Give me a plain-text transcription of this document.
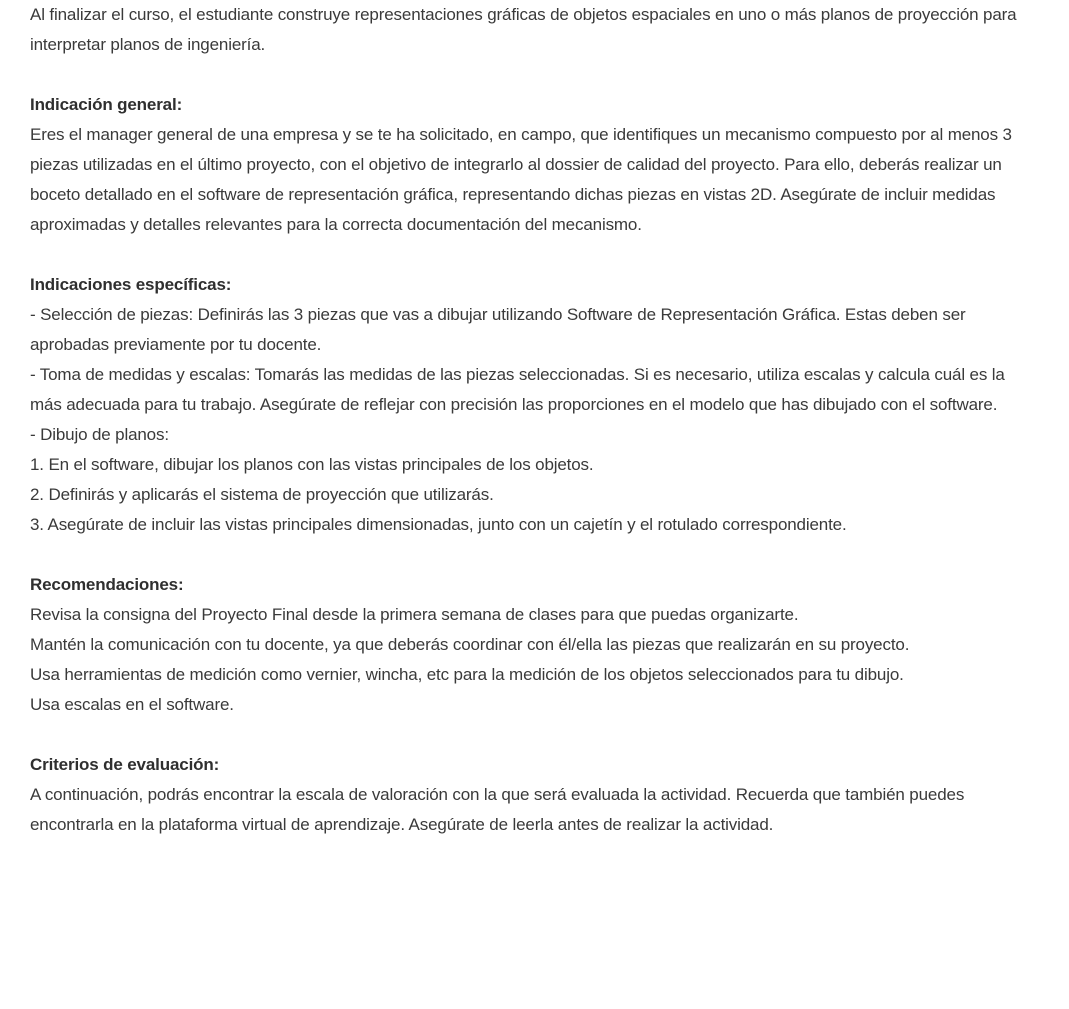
Al finalizar el curso, el estudiante construye representaciones gráficas de objetos espaciales en uno o más planos de proyección para interpretar planos de ingeniería.

Indicación general:

Eres el manager general de una empresa y se te ha solicitado, en campo, que identifiques un mecanismo compuesto por al menos 3 piezas utilizadas en el último proyecto, con el objetivo de integrarlo al dossier de calidad del proyecto. Para ello, deberás realizar un boceto detallado en el software de representación gráfica, representando dichas piezas en vistas 2D. Asegúrate de incluir medidas aproximadas y detalles relevantes para la correcta documentación del mecanismo.

Indicaciones específicas:

- Selección de piezas: Definirás las 3 piezas que vas a dibujar utilizando Software de Representación Gráfica. Estas deben ser aprobadas previamente por tu docente.
- Toma de medidas y escalas: Tomarás las medidas de las piezas seleccionadas. Si es necesario, utiliza escalas y calcula cuál es la más adecuada para tu trabajo. Asegúrate de reflejar con precisión las proporciones en el modelo que has dibujado con el software.
- Dibujo de planos:
1. En el software, dibujar los planos con las vistas principales de los objetos.
2. Definirás y aplicarás el sistema de proyección que utilizarás.
3. Asegúrate de incluir las vistas principales dimensionadas, junto con un cajetín y el rotulado correspondiente.

Recomendaciones:

Revisa la consigna del Proyecto Final desde la primera semana de clases para que puedas organizarte.
Mantén la comunicación con tu docente, ya que deberás coordinar con él/ella las piezas que realizarán en su proyecto.
Usa herramientas de medición como vernier, wincha, etc para la medición de los objetos seleccionados para tu dibujo.
Usa escalas en el software.

Criterios de evaluación:

A continuación, podrás encontrar la escala de valoración con la que será evaluada la actividad. Recuerda que también puedes encontrarla en la plataforma virtual de aprendizaje. Asegúrate de leerla antes de realizar la actividad.
